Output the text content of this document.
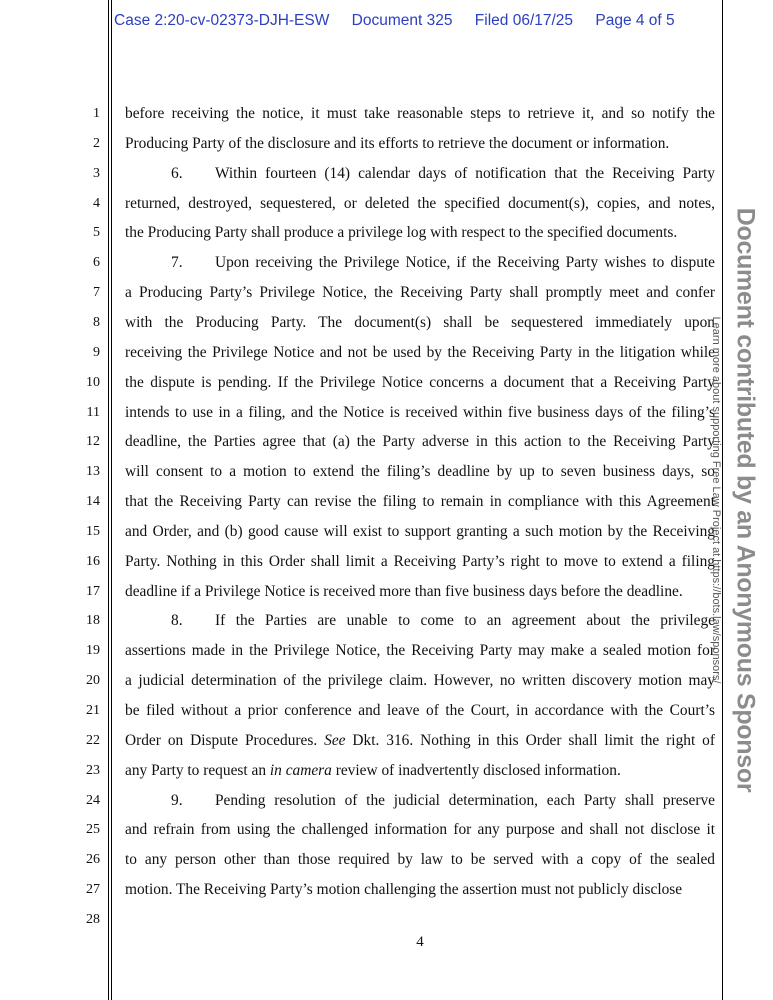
Case 2:20-cv-02373-DJH-ESW Document 325 Filed 06/17/25 Page 4 of 5
1
2
3
4
5
6
7
8
9
10
11
12
13
14
15
16
17
18
19
20
21
22
23
24
25
26
27
28
before receiving the notice, it must take reasonable steps to retrieve it, and so notify the
Producing Party of the disclosure and its efforts to retrieve the document or information.
6. Within fourteen (14) calendar days of notification that the Receiving Party
returned, destroyed, sequestered, or deleted the specified document(s), copies, and notes,
the Producing Party shall produce a privilege log with respect to the specified documents.
7. Upon receiving the Privilege Notice, if the Receiving Party wishes to dispute
a Producing Party’s Privilege Notice, the Receiving Party shall promptly meet and confer
with the Producing Party. The document(s) shall be sequestered immediately upon
receiving the Privilege Notice and not be used by the Receiving Party in the litigation while
the dispute is pending. If the Privilege Notice concerns a document that a Receiving Party
intends to use in a filing, and the Notice is received within five business days of the filing’s
deadline, the Parties agree that (a) the Party adverse in this action to the Receiving Party
will consent to a motion to extend the filing’s deadline by up to seven business days, so
that the Receiving Party can revise the filing to remain in compliance with this Agreement
and Order, and (b) good cause will exist to support granting a such motion by the Receiving
Party. Nothing in this Order shall limit a Receiving Party’s right to move to extend a filing
deadline if a Privilege Notice is received more than five business days before the deadline.
8. If the Parties are unable to come to an agreement about the privilege
assertions made in the Privilege Notice, the Receiving Party may make a sealed motion for
a judicial determination of the privilege claim. However, no written discovery motion may
be filed without a prior conference and leave of the Court, in accordance with the Court’s
Order on Dispute Procedures. See Dkt. 316. Nothing in this Order shall limit the right of
any Party to request an in camera review of inadvertently disclosed information.
9. Pending resolution of the judicial determination, each Party shall preserve
and refrain from using the challenged information for any purpose and shall not disclose it
to any person other than those required by law to be served with a copy of the sealed
motion. The Receiving Party’s motion challenging the assertion must not publicly disclose
4
Document contributed by an Anonymous Sponsor
Learn more about supporting Free Law Project at https://bots.law/sponsors/
